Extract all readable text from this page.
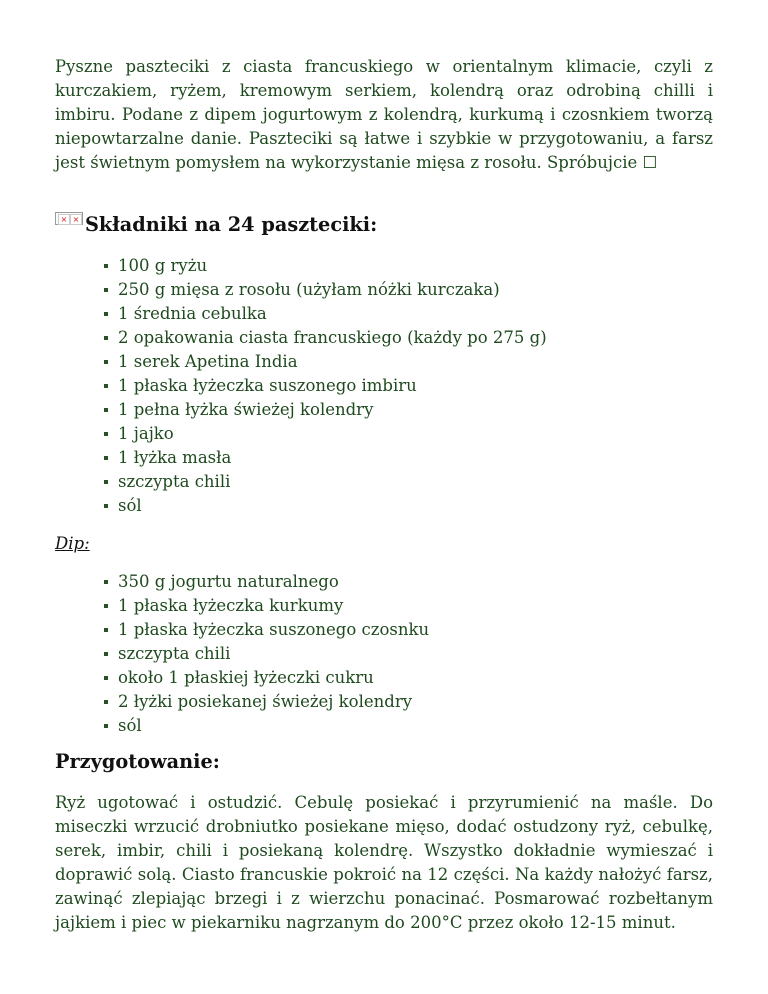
Pyszne paszteciki z ciasta francuskiego w orientalnym klimacie, czyli z kurczakiem, ryżem, kremowym serkiem, kolendrą oraz odrobiną chilli i imbiru. Podane z dipem jogurtowym z kolendrą, kurkumą i czosnkiem tworzą niepowtarzalne danie. Paszteciki są łatwe i szybkie w przygotowaniu, a farsz jest świetnym pomysłem na wykorzystanie mięsa z rosołu. Spróbujcie ☐

× × Składniki na 24 paszteciki:
100 g ryżu
250 g mięsa z rosołu (użyłam nóżki kurczaka)
1 średnia cebulka
2 opakowania ciasta francuskiego (każdy po 275 g)
1 serek Apetina India
1 płaska łyżeczka suszonego imbiru
1 pełna łyżka świeżej kolendry
1 jajko
1 łyżka masła
szczypta chili
sól

Dip:

350 g jogurtu naturalnego
1 płaska łyżeczka kurkumy
1 płaska łyżeczka suszonego czosnku
szczypta chili
około 1 płaskiej łyżeczki cukru
2 łyżki posiekanej świeżej kolendry
sól
Przygotowanie:

Ryż ugotować i ostudzić. Cebulę posiekać i przyrumienić na maśle. Do miseczki wrzucić drobniutko posiekane mięso, dodać ostudzony ryż, cebulkę, serek, imbir, chili i posiekaną kolendrę. Wszystko dokładnie wymieszać i doprawić solą. Ciasto francuskie pokroić na 12 części. Na każdy nałożyć farsz, zawinąć zlepiając brzegi i z wierzchu ponacinać. Posmarować rozbełtanym jajkiem i piec w piekarniku nagrzanym do 200°C przez około 12-15 minut.
